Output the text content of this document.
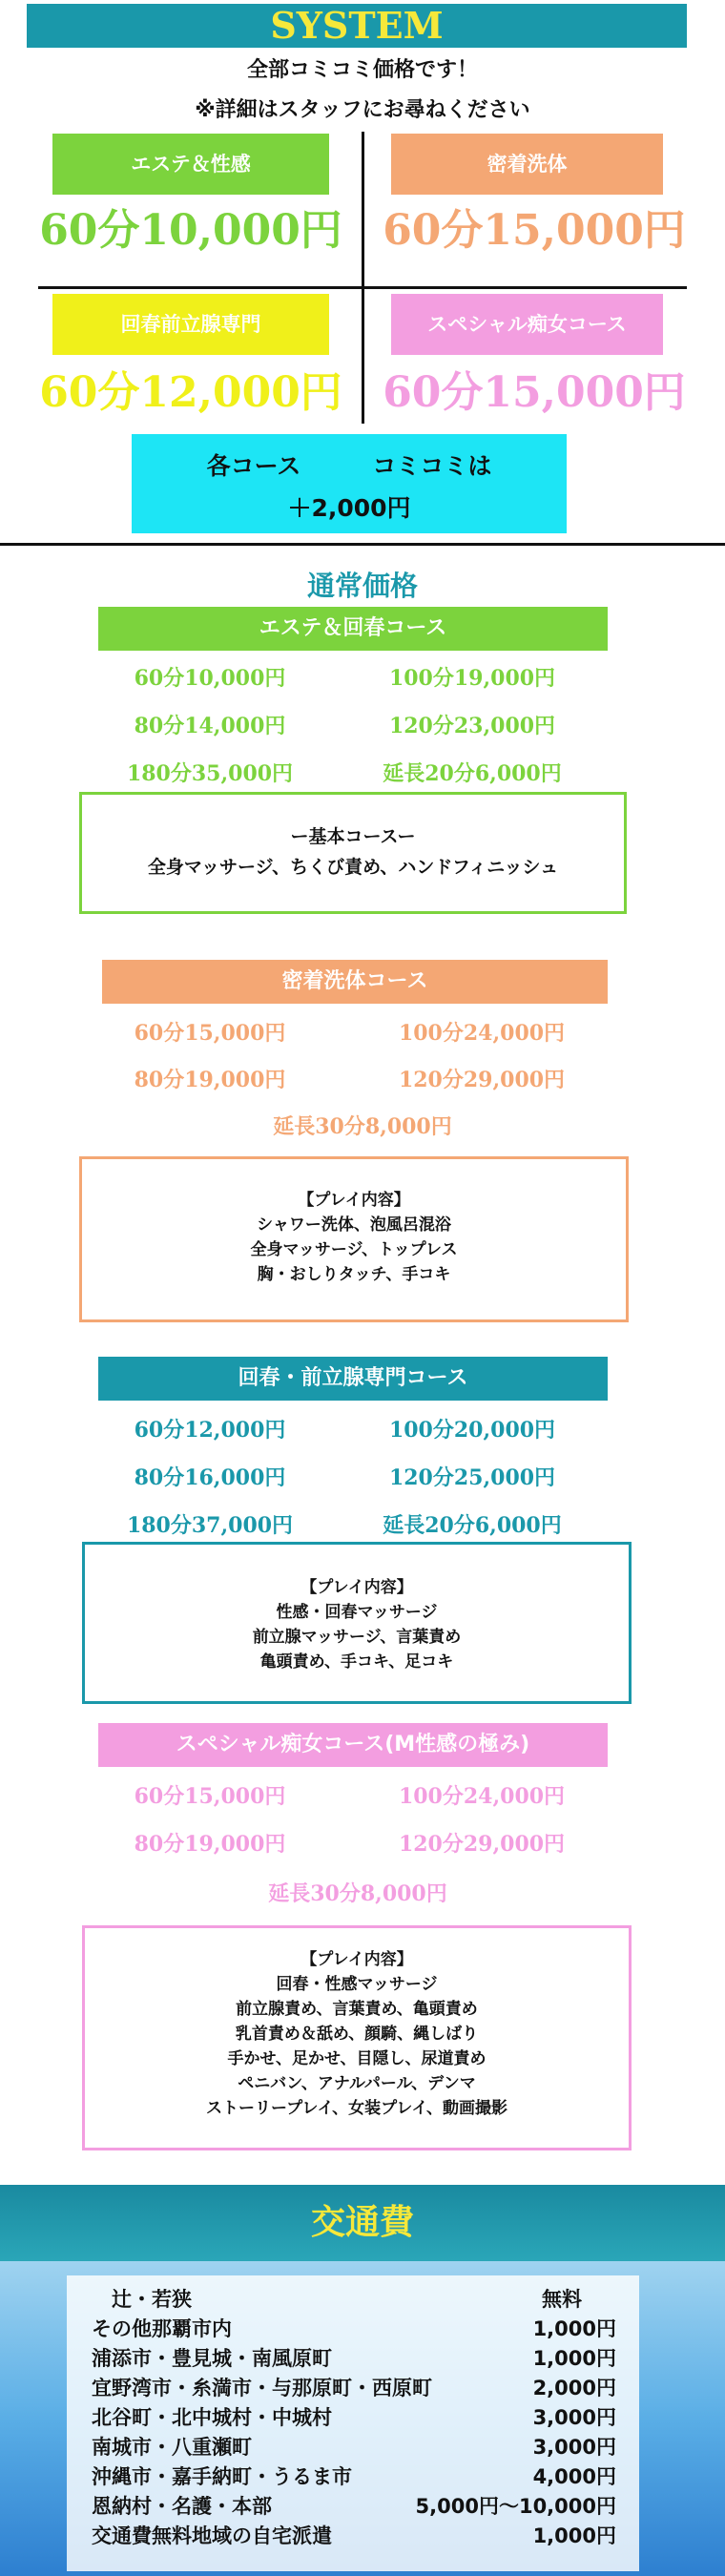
SYSTEM
全部コミコミ価格です！
※詳細はスタッフにお尋ねください
エステ＆性感
60分10,000円
密着洗体
60分15,000円
回春前立腺専門
60分12,000円
スペシャル痴女コース
60分15,000円
各コース　　　コミコミは
＋2,000円
通常価格
エステ＆回春コース
60分10,000円	100分19,000円
80分14,000円	120分23,000円
180分35,000円	延長20分6,000円
ー基本コースー
全身マッサージ、ちくび責め、ハンドフィニッシュ
密着洗体コース
60分15,000円	100分24,000円
80分19,000円	120分29,000円
延長30分8,000円
【プレイ内容】
シャワー洗体、泡風呂混浴
全身マッサージ、トップレス
胸・おしりタッチ、手コキ
回春・前立腺専門コース
60分12,000円	100分20,000円
80分16,000円	120分25,000円
180分37,000円	延長20分6,000円
【プレイ内容】
性感・回春マッサージ
前立腺マッサージ、言葉責め
亀頭責め、手コキ、足コキ
スペシャル痴女コース(M性感の極み)
60分15,000円	100分24,000円
80分19,000円	120分29,000円
延長30分8,000円
【プレイ内容】
回春・性感マッサージ
前立腺責め、言葉責め、亀頭責め
乳首責め＆舐め、顔騎、縄しばり
手かせ、足かせ、目隠し、尿道責め
ペニバン、アナルパール、デンマ
ストーリープレイ、女装プレイ、動画撮影
交通費
　辻・若狭	無料
その他那覇市内	1,000円
浦添市・豊見城・南風原町	1,000円
宜野湾市・糸満市・与那原町・西原町	2,000円
北谷町・北中城村・中城村	3,000円
南城市・八重瀬町	3,000円
沖縄市・嘉手納町・うるま市	4,000円
恩納村・名護・本部	5,000円〜10,000円
交通費無料地域の自宅派遣	1,000円
